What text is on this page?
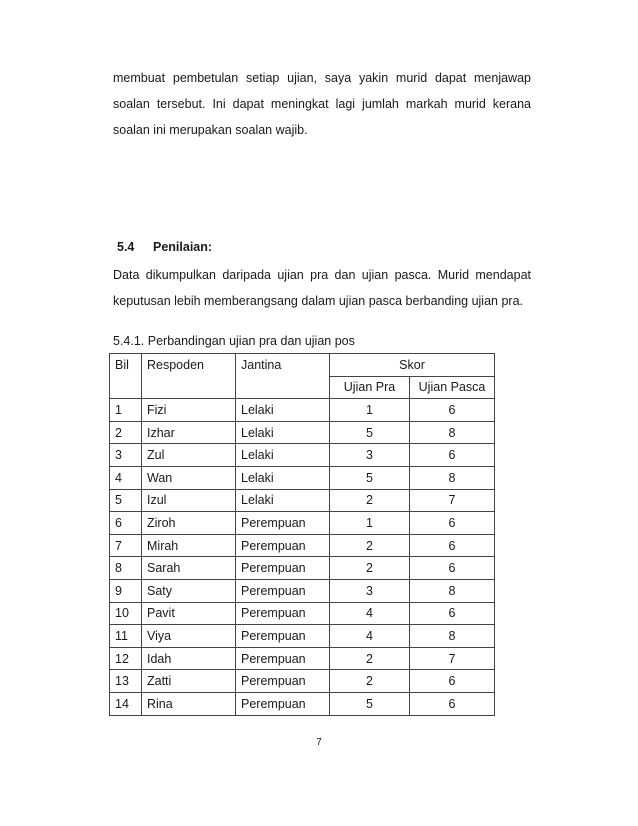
membuat pembetulan setiap ujian, saya yakin murid dapat menjawap soalan tersebut. Ini dapat meningkat lagi jumlah markah murid kerana soalan ini merupakan soalan wajib.

5.4 Penilaian:

Data dikumpulkan daripada ujian pra dan ujian pasca. Murid mendapat keputusan lebih memberangsang dalam ujian pasca berbanding ujian pra.

5.4.1. Perbandingan ujian pra dan ujian pos
Bil	Respoden	Jantina	Skor	
			Ujian Pra	Ujian Pasca
1	Fizi	Lelaki	1	6
2	Izhar	Lelaki	5	8
3	Zul	Lelaki	3	6
4	Wan	Lelaki	5	8
5	Izul	Lelaki	2	7
6	Ziroh	Perempuan	1	6
7	Mirah	Perempuan	2	6
8	Sarah	Perempuan	2	6
9	Saty	Perempuan	3	8
10	Pavit	Perempuan	4	6
11	Viya	Perempuan	4	8
12	Idah	Perempuan	2	7
13	Zatti	Perempuan	2	6
14	Rina	Perempuan	5	6
7
